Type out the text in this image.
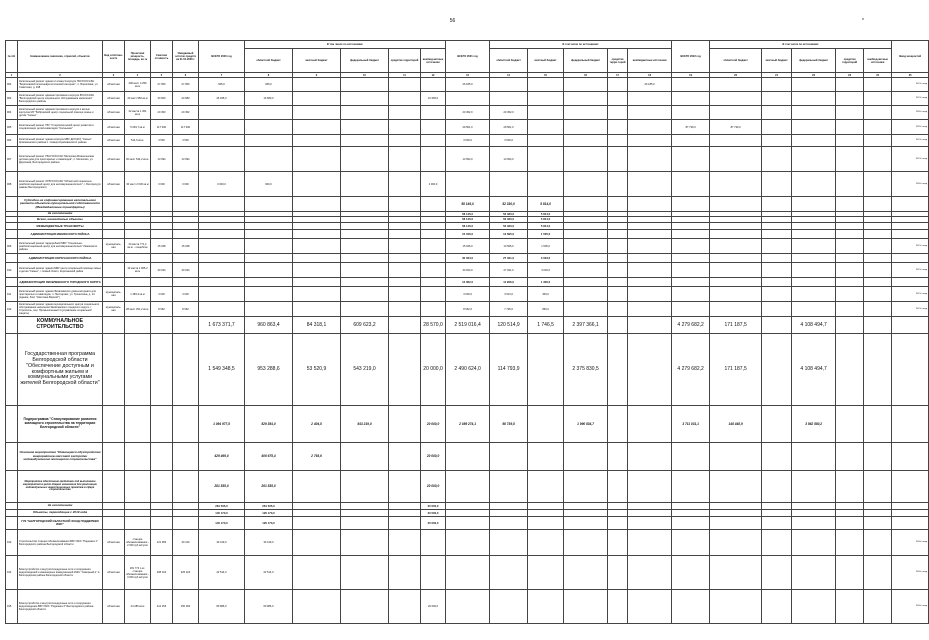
56	*
№ п/п	Наименование заказчика, отраслей, объектов	Вид собствен-ности	Проектная мощность, площадь, кв. м	Сметная стоимость	Ожидаемый остаток средств на 01.01.2020 г.	ВСЕГО 2020 год	В том числе по источникам:					ВСЕГО 2021 год	В том числе по источникам:					ВСЕГО 2022 год	В том числе по источникам:					Ввод мощностей
							областной бюджет	местный бюджет	федеральный бюджет	средства территорий	внебюд-жетные источники		областной бюджет	местный бюджет	федеральный бюджет	средства терри-торий	внебюджетные источники		областной бюджет	местный бюджет	федеральный бюджет	средства территорий	внебюд-жетные источники	
1	2	3	4	5	6	7	8	9	10	11	12	13	14	15	16	17	18	19	20	21	22	23	24	25
902	Капитальный ремонт здания 2-этажа 3 корпуса ГБСУСОССЗН "Борисовский психоневрологический интернат", п. Борисовка, ул. Советская, д. 108	областная	400 мест 4 259 кв.м	27 950	27 950	905,0	905,0					26 185,0					26 185,0							2021г. ввод
903	Капитальный ремонт административного корпуса БУСОССЗН "Белгородский центр социального обслуживания населения" Белгородского района	областная	20 мест 950 кв.м	30 000	24 680	26 035,0	13 680,0				10 665,0													2021г. ввод
904	Капитальный ремонт административного корпуса и жилых корпусов МУ "Бобровский центр социальной помощи семье и детям "Семья"	областная	42 места 1 301 кв.м	20 453	20 452							20 452,0	20 452,0											2020г. ввод
905	Капитальный ремонт ГБУ "Старооскольский центр развития и социализации детей-инвалидов "Солнышко"	областная	5 049,7 кв.м	117 000	117 000							29 561,0	29 561,0					87 739,0	87 739,0					2022г. ввод
906	Капитальный ремонт здания корпуса МБУ ДОУ(КО) "Семья" Крапивенского района п. Северо-Крапивенского района	областная	514,6 кв.м.	3 500	3 500							3 500,0	3 500,0											2021г. ввод
907	Капитальный ремонт ГБСУСОССЗН "Мелихово-Вознесенская детская дом для престарелых и инвалидов", п. Мелихово, ул. Дорожная, Белгородского района	областная	30 мест 544,2 кв.м.	13 094	13 094							13 094,0	13 094,0											2021г. ввод
908	Капитальный ремонт ОГБУСОССЗН "Областной социально-реабилитационный центр для несовершеннолетних", г. Белгород (в рамках Белгородского)	областная	30 мест 2 030 кв.м	3 000	3 000	3 000,0	900,0				2 000,0													2020г. ввод
	Субсидии на софинансирование капитального ремонта объектов муниципальной собственности (Межбюджетные трансферты)											58 146,0	52 330,0	5 814,0										
	За исключением											58 146,0	52 330,0	5 814,0										
	Всего, ненаходимые объекты											58 146,0	52 330,0	5 814,0										
	МЕЖБЮДЖЕТНЫЕ ТРАНСФЕРТЫ											58 146,0	52 330,0	5 814,0										
	АДМИНИСТРАЦИЯ ИВНЯНСКОГО РАЙОНА											15 046,0	13 695,0	1 505,0										
909	Капитальный ремонт гардеробной МБУ "Социально-реабилитационный центр для несовершеннолетних" Ивнянского района	муниципаль-ная	43 места 771,4 кв.м. - пищеблок	15 048	15 048							15 046,0	13 695,0	1 505,0										2021г. ввод
	АДМИНИСТРАЦИЯ КОРОЧАНСКОГО РАЙОНА											30 034,0	27 031,0	3 003,0										
910	Капитальный ремонт здания МБУ центр социальной помощи семье и детям "Семья", г. Новый Оскол, Корочанский район		42 места 1 965,2 кв.м	30 034	30 034							30 034,0	27 031,0	3 003,0										2021г. ввод
	АДМИНИСТРАЦИЯ ЯКОВЛЕВСКОГО ГОРОДСКОГО ОКРУГА											12 062,0	11 906,0	1 306,0										
911	Капитальный ремонт здания Яковлевского дома-интерната для престарелых и инвалидов, п. Пестюрово, ул. Трошихина, д. 14 (здание, бокс "Светлана Верной")	муниципаль-ная	1 483,3 кв.м	3 000	3 000							3 600,0	3 513,0	306,0										2021г. ввод
912	Капитальный ремонт здания муниципального центра социального обслуживания населения Яковлевского городского округа, г. Строитель, пер. Промышленный 4 (управление социальной защиты)	муниципаль-ная	28 мест 451,2 кв.м.	8 662	8 662							8 662,0	7 796,0	866,0										2021г. ввод
	КОММУНАЛЬНОЕ СТРОИТЕЛЬСТВО					1 673 371,7	960 863,4	84 318,1	609 623,2		28 570,0	2 519 016,4	120 514,9	1 746,5	2 397 366,1			4 279 682,2	171 187,5		4 108 494,7			
	Государственная программа Белгородской области "Обеспечение доступным и комфортным жильем и коммунальными услугами жителей Белгородской области"					1 549 348,5	953 288,6	53 520,9	543 219,0		20 000,0	2 490 624,0	114 793,9		2 375 830,5			4 279 682,2	171 187,5		4 108 494,7			
	Подпрограмма "Стимулирование развития жилищного строительства на территории Белгородской области"					1 094 977,5	529 354,0	2 404,5	543 219,0		20 000,0	2 089 274,1	98 739,5		1 990 534,7			3 711 031,1	148 448,9		3 562 580,2			
	Основное мероприятие "Имеющиеся обустройство микрорайонов массовой застройки индивидуального жилищного строительства"					429 469,0	406 675,4	2 793,6			20 000,0													
	Мероприятие обеспечение кредитами под выполнение мероприятий в целях общего назначения для реализации индивидуальных инвестиционных проектов в сфере строительства					281 535,0	261 535,0				20 000,0													
	За исключением					281 535,0	261 535,0				20 000,0													
	Объекты, переходящие с 2019 года					140 173,0	120 173,0				20 000,0													
	ГУК "БЕЛГОРОДСКИЙ ОБЛАСТНОЙ ФОНД ПОДДЕРЖКИ ИЖС"					140 173,0	120 173,0				20 000,0													
913	Строительство станции обезжелезивания ВЗУ ИЖС "Роднянка 1" Белгородского района Белгородской области	областная	станция обезжелезивания - 2 000 куб.м/сутки	121 283	30 419	30 419,0	30 419,0																	2020г. ввод
914	Благоустройство и внутриплощадочные сети и сооружения водоотведений и инженерных коммуникаций ИЖС "Северный-1" в Белгородском районе Белгородской области	областная	181 774 п.м.; станция обезжелезивания - 3 000 куб.м/сутки	408 104	325 224	22 514,0	22 514,0																	2020г. ввод
915	Благоустройство и внутриплощадочные сети и сооружения водоотведения ВЗУ ИЖС "Роднянка 4" Белгородского района Белгородской области	областная	24 280 кв.м	212 253	150 000	80 986,0	60 986,0				20 000,0													2020г. ввод
